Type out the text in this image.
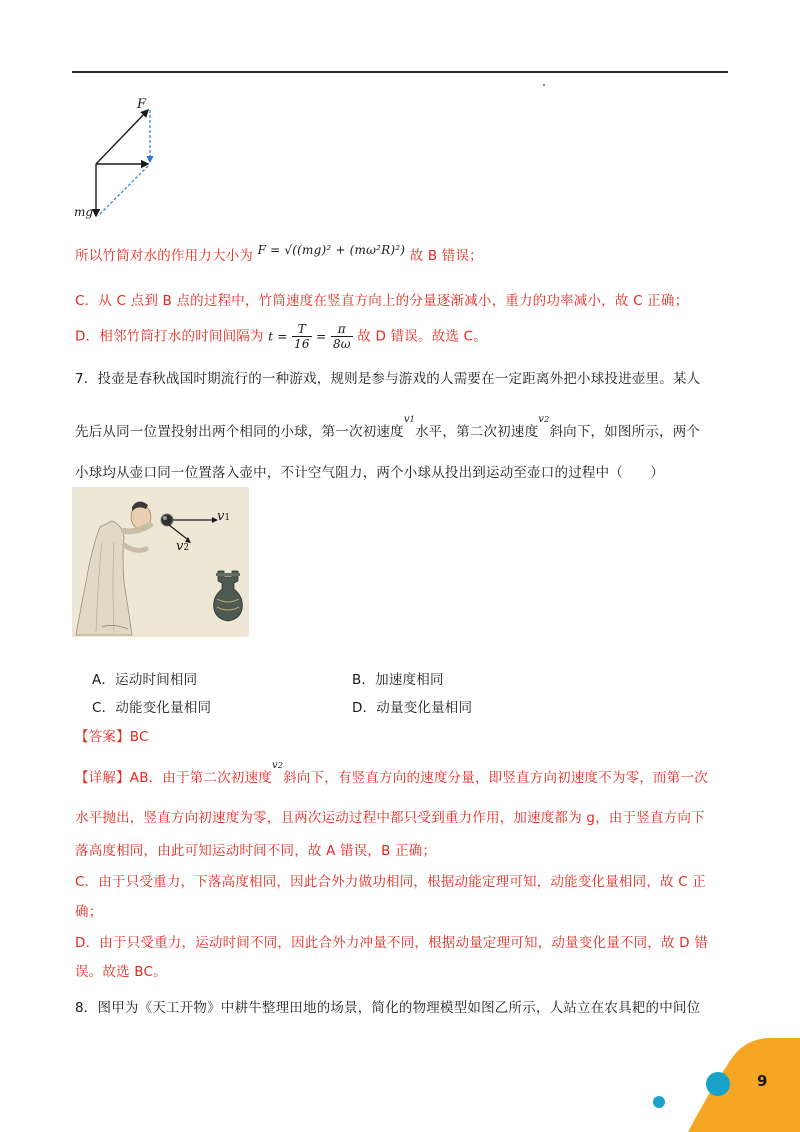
F
mg
所以竹筒对水的作用力大小为 F = √((mg)² + (mω²R)²) 故 B 错误；
C．从 C 点到 B 点的过程中，竹筒速度在竖直方向上的分量逐渐减小，重力的功率减小，故 C 正确；
D．相邻竹筒打水的时间间隔为 $t = \frac{T}{16} = \frac{\pi}{8\omega}$ 故 D 错误。故选 C。
7．投壶是春秋战国时期流行的一种游戏，规则是参与游戏的人需要在一定距离外把小球投进壶里。某人
先后从同一位置投射出两个相同的小球，第一次初速度$^{v1}$水平，第二次初速度$^{v2}$斜向下，如图所示，两个
小球均从壶口同一位置落入壶中，不计空气阻力，两个小球从投出到运动至壶口的过程中（　　）
v1
v2
A．运动时间相同	B．加速度相同
C．动能变化量相同	D．动量变化量相同
【答案】BC
【详解】AB．由于第二次初速度$^{v2}$斜向下，有竖直方向的速度分量，即竖直方向初速度不为零，而第一次
水平抛出，竖直方向初速度为零，且两次运动过程中都只受到重力作用，加速度都为 g，由于竖直方向下
落高度相同，由此可知运动时间不同，故 A 错误，B 正确；
C．由于只受重力，下落高度相同，因此合外力做功相同，根据动能定理可知，动能变化量相同，故 C 正
确；
D．由于只受重力，运动时间不同，因此合外力冲量不同，根据动量定理可知，动量变化量不同，故 D 错
误。故选 BC。
8．图甲为《天工开物》中耕牛整理田地的场景，简化的物理模型如图乙所示，人站立在农具耙的中间位
9
